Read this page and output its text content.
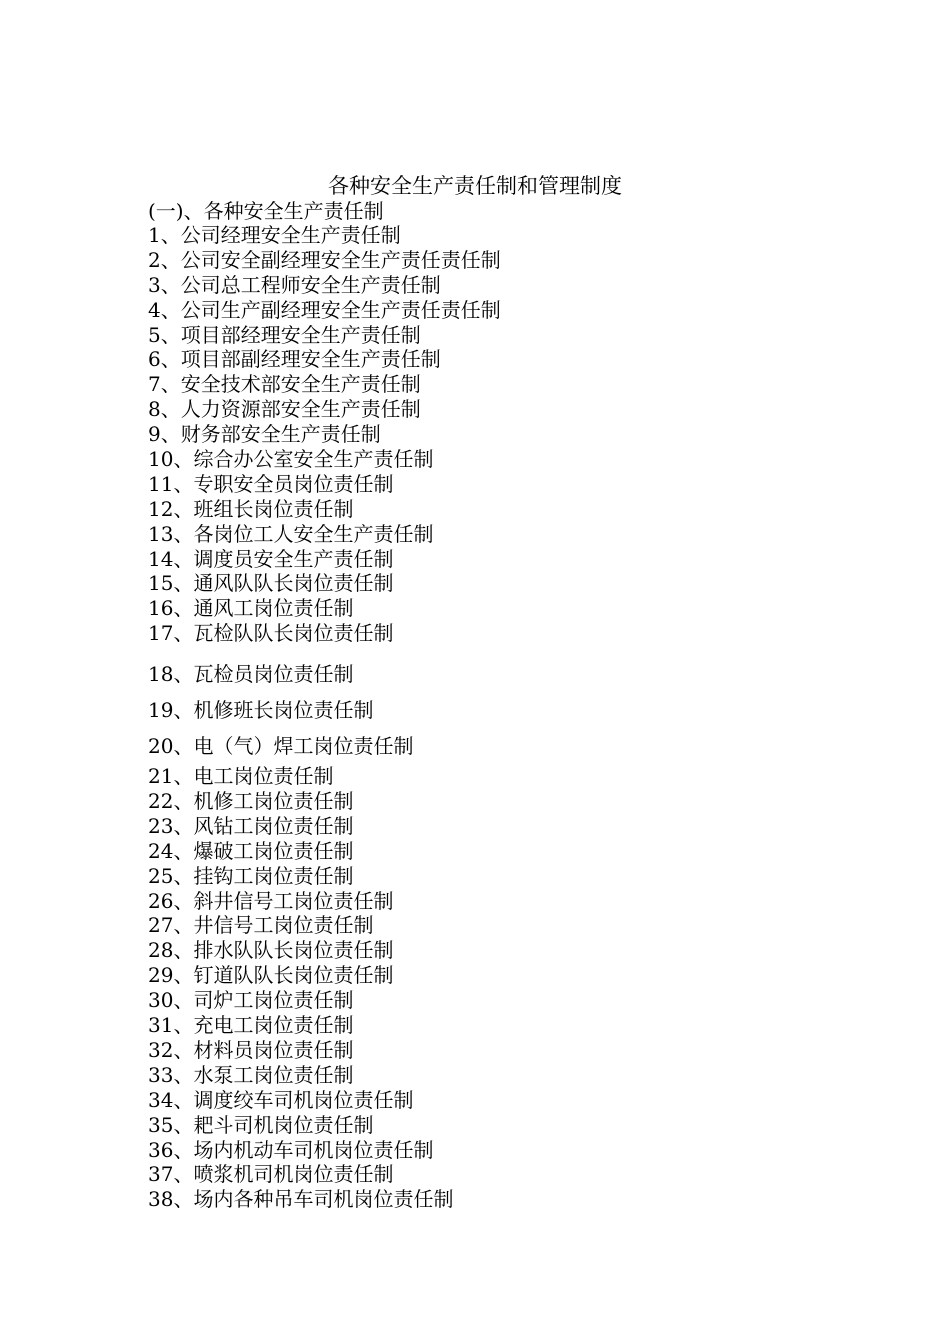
各种安全生产责任制和管理制度
(一)、各种安全生产责任制
1、公司经理安全生产责任制
2、公司安全副经理安全生产责任责任制
3、公司总工程师安全生产责任制
4、公司生产副经理安全生产责任责任制
5、项目部经理安全生产责任制
6、项目部副经理安全生产责任制
7、安全技术部安全生产责任制
8、人力资源部安全生产责任制
9、财务部安全生产责任制
10、综合办公室安全生产责任制
11、专职安全员岗位责任制
12、班组长岗位责任制
13、各岗位工人安全生产责任制
14、调度员安全生产责任制
15、通风队队长岗位责任制
16、通风工岗位责任制
17、瓦检队队长岗位责任制
18、瓦检员岗位责任制
19、机修班长岗位责任制
20、电（气）焊工岗位责任制
21、电工岗位责任制
22、机修工岗位责任制
23、风钻工岗位责任制
24、爆破工岗位责任制
25、挂钩工岗位责任制
26、斜井信号工岗位责任制
27、井信号工岗位责任制
28、排水队队长岗位责任制
29、钉道队队长岗位责任制
30、司炉工岗位责任制
31、充电工岗位责任制
32、材料员岗位责任制
33、水泵工岗位责任制
34、调度绞车司机岗位责任制
35、耙斗司机岗位责任制
36、场内机动车司机岗位责任制
37、喷浆机司机岗位责任制
38、场内各种吊车司机岗位责任制
